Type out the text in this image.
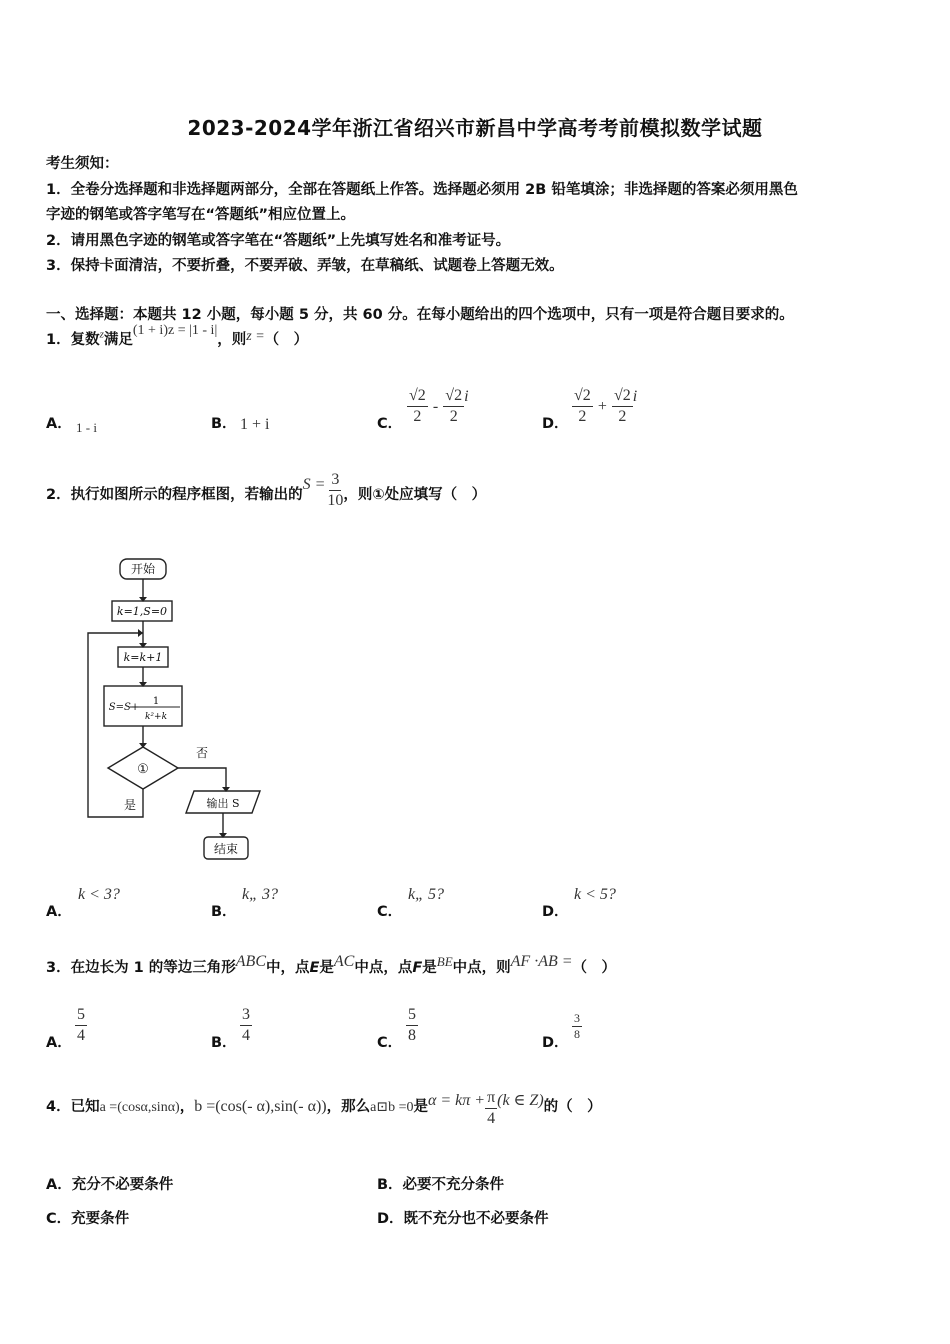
2023-2024学年浙江省绍兴市新昌中学高考考前模拟数学试题
考生须知：
1．全卷分选择题和非选择题两部分，全部在答题纸上作答。选择题必须用 2B 铅笔填涂；非选择题的答案必须用黑色
字迹的钢笔或答字笔写在“答题纸”相应位置上。
2．请用黑色字迹的钢笔或答字笔在“答题纸”上先填写姓名和准考证号。
3．保持卡面清洁，不要折叠，不要弄破、弄皱，在草稿纸、试题卷上答题无效。
一、选择题：本题共 12 小题，每小题 5 分，共 60 分。在每小题给出的四个选项中，只有一项是符合题目要求的。
1．复数$^z$满足(1 + i)z = |1 - i|，则z =（　）
A． 1 - i	B． 1 + i	C． $\frac{√2}{2} - \frac{√2}{2}$ i
D． $\frac{√2}{2} + \frac{√2}{2}$ i
2．执行如图所示的程序框图，若输出的$S = \frac{3}{10}$ ，则①处应填写（　）
开始
k=1,S=0
k=k+1
S=S+
1
k²+k
①
否
是	输出 S
结束
A．
k < 3?
B．
k„ 3?
C．
k„ 5?
D．
k < 5?
3．在边长为 1 的等边三角形ABC中，点E是AC中点，点F是BE中点，则AF ·AB =（　）
A． $\frac{5}{4}$	B． $\frac{3}{4}$	C． $\frac{5}{8}$	D．
$\frac{3}{8}$
4．已知a =(cosα,sinα)，b =(cos(- α),sin(- α))，那么a⊡b =0是$\alpha = k\pi + \frac{\pi}{4} (k$ ∈ Z)的（　）
A．充分不必要条件	B．必要不充分条件
C．充要条件	D．既不充分也不必要条件
